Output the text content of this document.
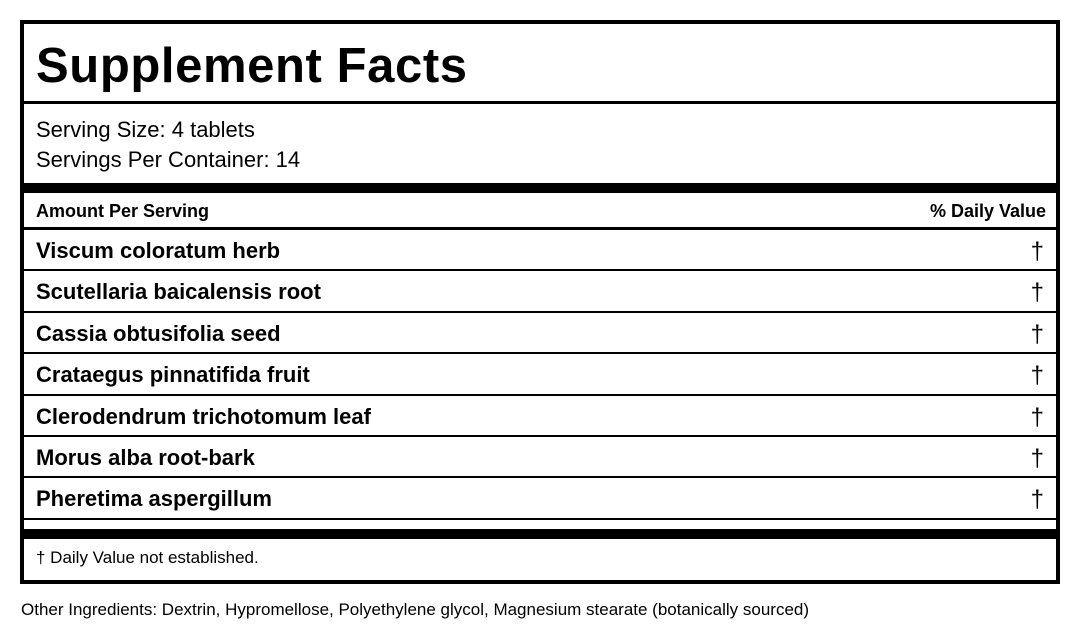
Supplement Facts
Serving Size: 4 tablets
Servings Per Container: 14
Amount Per Serving	% Daily Value
Viscum coloratum herb	†
Scutellaria baicalensis root	†
Cassia obtusifolia seed	†
Crataegus pinnatifida fruit	†
Clerodendrum trichotomum leaf	†
Morus alba root-bark	†
Pheretima aspergillum	†
† Daily Value not established.
Other Ingredients: Dextrin, Hypromellose, Polyethylene glycol, Magnesium stearate (botanically sourced)
